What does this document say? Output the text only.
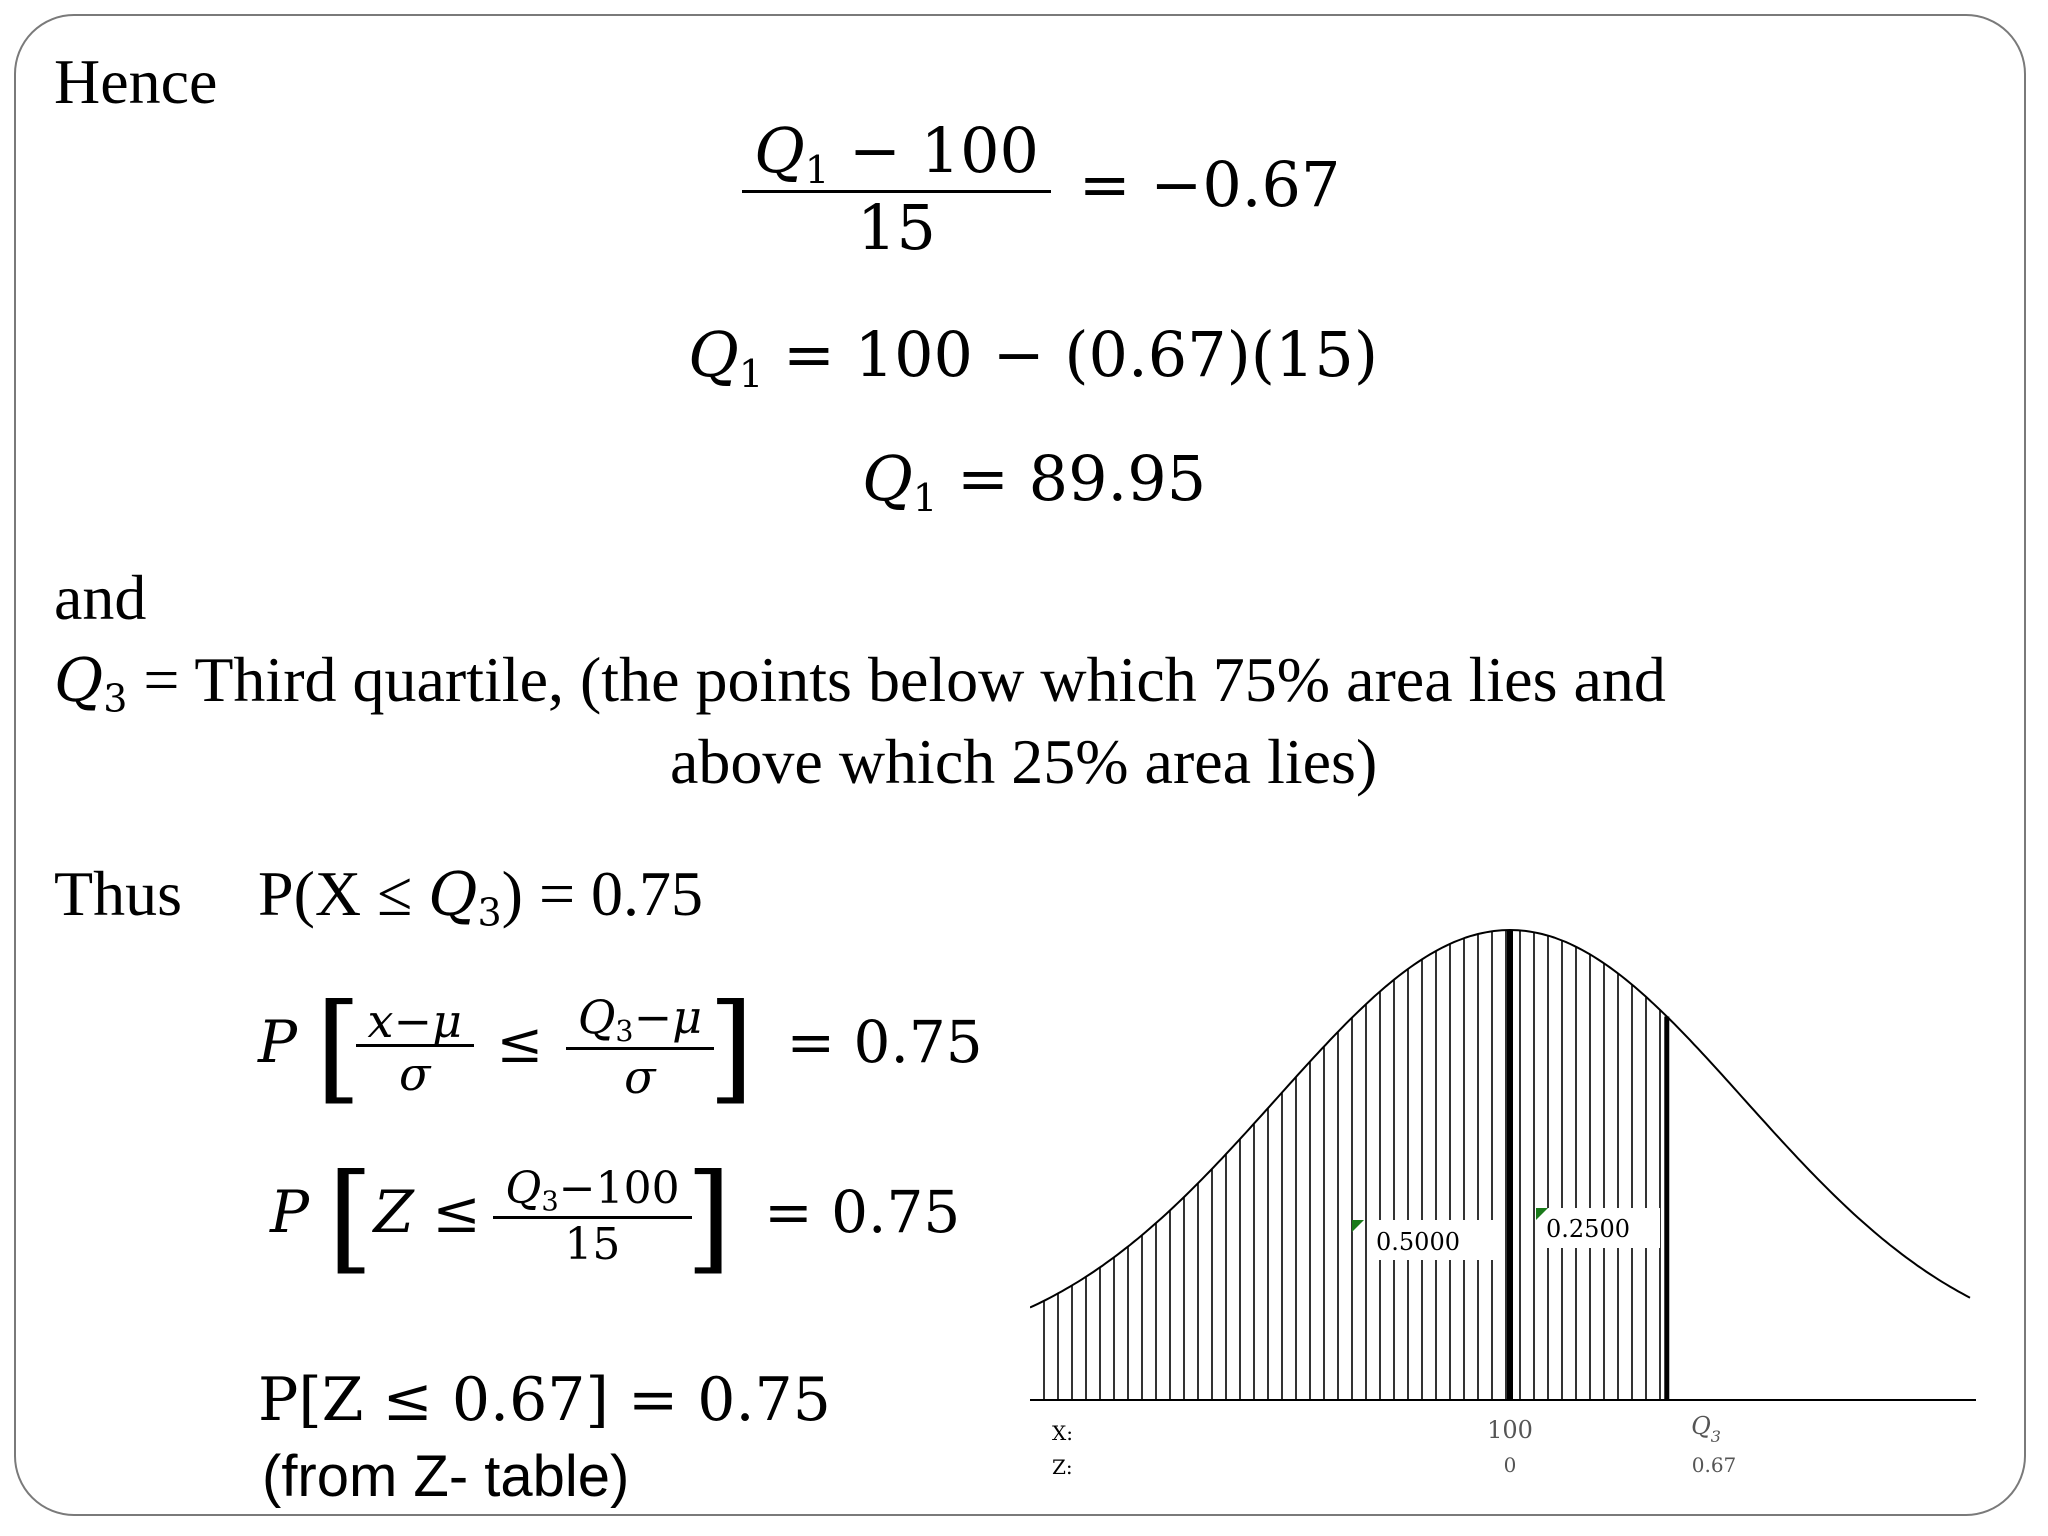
Hence
$\frac{Q_1 - 100}{15} = -0.67$
$Q_1 = 100 - (0.67)(15)$
$Q_1 = 89.95$
and
$Q_3$ = Third quartile, (the points below which 75% area lies and
above which 25% area lies)
Thus $P(X \le Q_3) = 0.75$
P [ $\frac{x-\mu}{\sigma} \le \frac{Q_3-\mu}{\sigma}$ ] = 0.75
P [$Z \le \frac{Q_3-100}{15}$ ] = 0.75
P[Z ≤ 0.67] = 0.75
(from Z- table)
0.5000	0.2500
X:
Z:
100
0
$Q_3$
0.67
